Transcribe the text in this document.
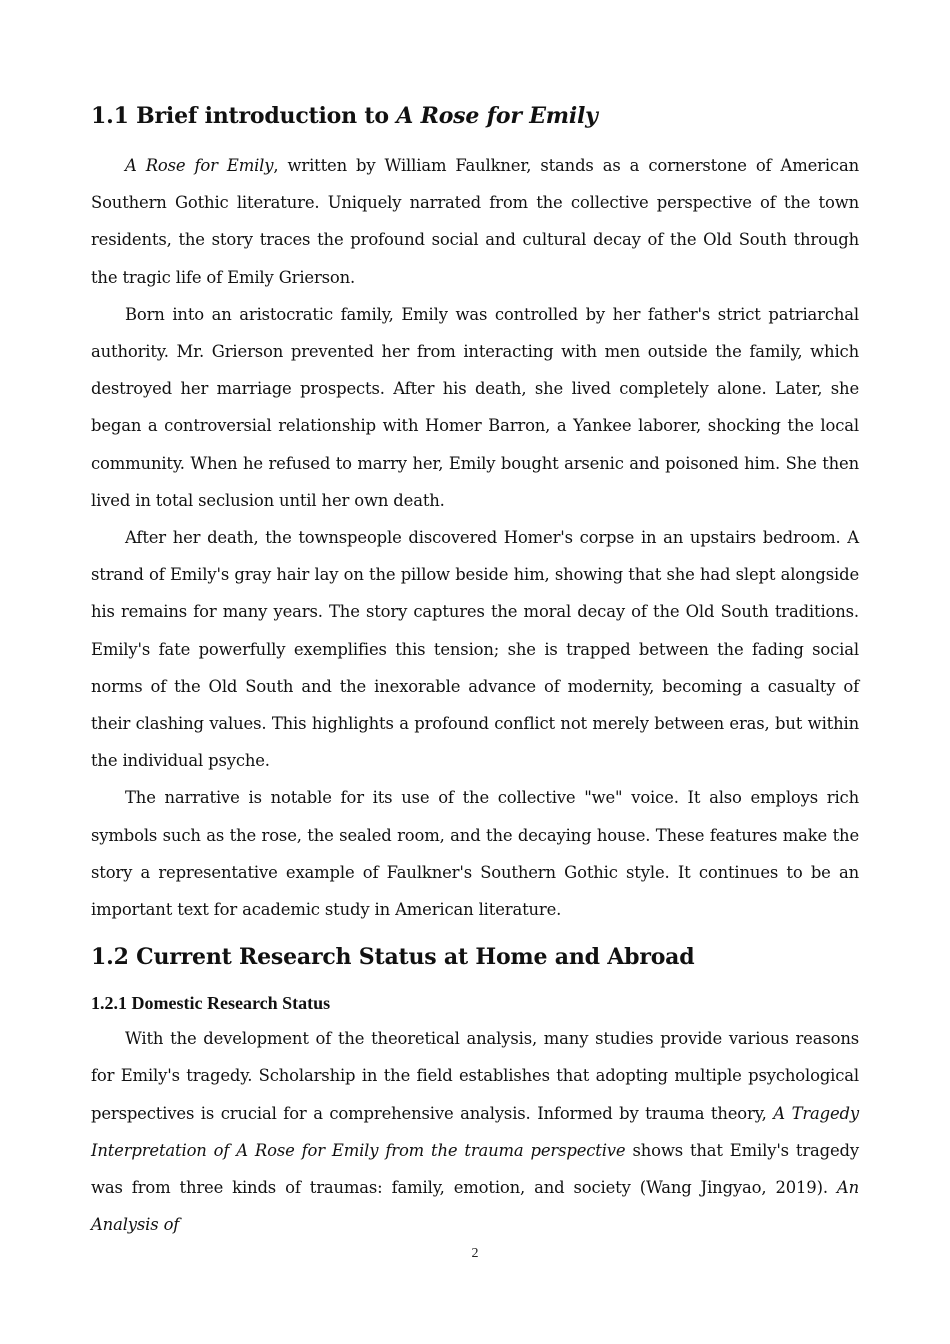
1.1 Brief introduction to A Rose for Emily

A Rose for Emily, written by William Faulkner, stands as a cornerstone of American Southern Gothic literature. Uniquely narrated from the collective perspective of the town residents, the story traces the profound social and cultural decay of the Old South through the tragic life of Emily Grierson.

Born into an aristocratic family, Emily was controlled by her father's strict patriarchal authority. Mr. Grierson prevented her from interacting with men outside the family, which destroyed her marriage prospects. After his death, she lived completely alone. Later, she began a controversial relationship with Homer Barron, a Yankee laborer, shocking the local community. When he refused to marry her, Emily bought arsenic and poisoned him. She then lived in total seclusion until her own death.

After her death, the townspeople discovered Homer's corpse in an upstairs bedroom. A strand of Emily's gray hair lay on the pillow beside him, showing that she had slept alongside his remains for many years. The story captures the moral decay of the Old South traditions. Emily's fate powerfully exemplifies this tension; she is trapped between the fading social norms of the Old South and the inexorable advance of modernity, becoming a casualty of their clashing values. This highlights a profound conflict not merely between eras, but within the individual psyche.

The narrative is notable for its use of the collective "we" voice. It also employs rich symbols such as the rose, the sealed room, and the decaying house. These features make the story a representative example of Faulkner's Southern Gothic style. It continues to be an important text for academic study in American literature.

1.2 Current Research Status at Home and Abroad
1.2.1 Domestic Research Status

With the development of the theoretical analysis, many studies provide various reasons for Emily's tragedy. Scholarship in the field establishes that adopting multiple psychological perspectives is crucial for a comprehensive analysis. Informed by trauma theory, A Tragedy Interpretation of A Rose for Emily from the trauma perspective shows that Emily's tragedy was from three kinds of traumas: family, emotion, and society (Wang Jingyao, 2019). An Analysis of

2
